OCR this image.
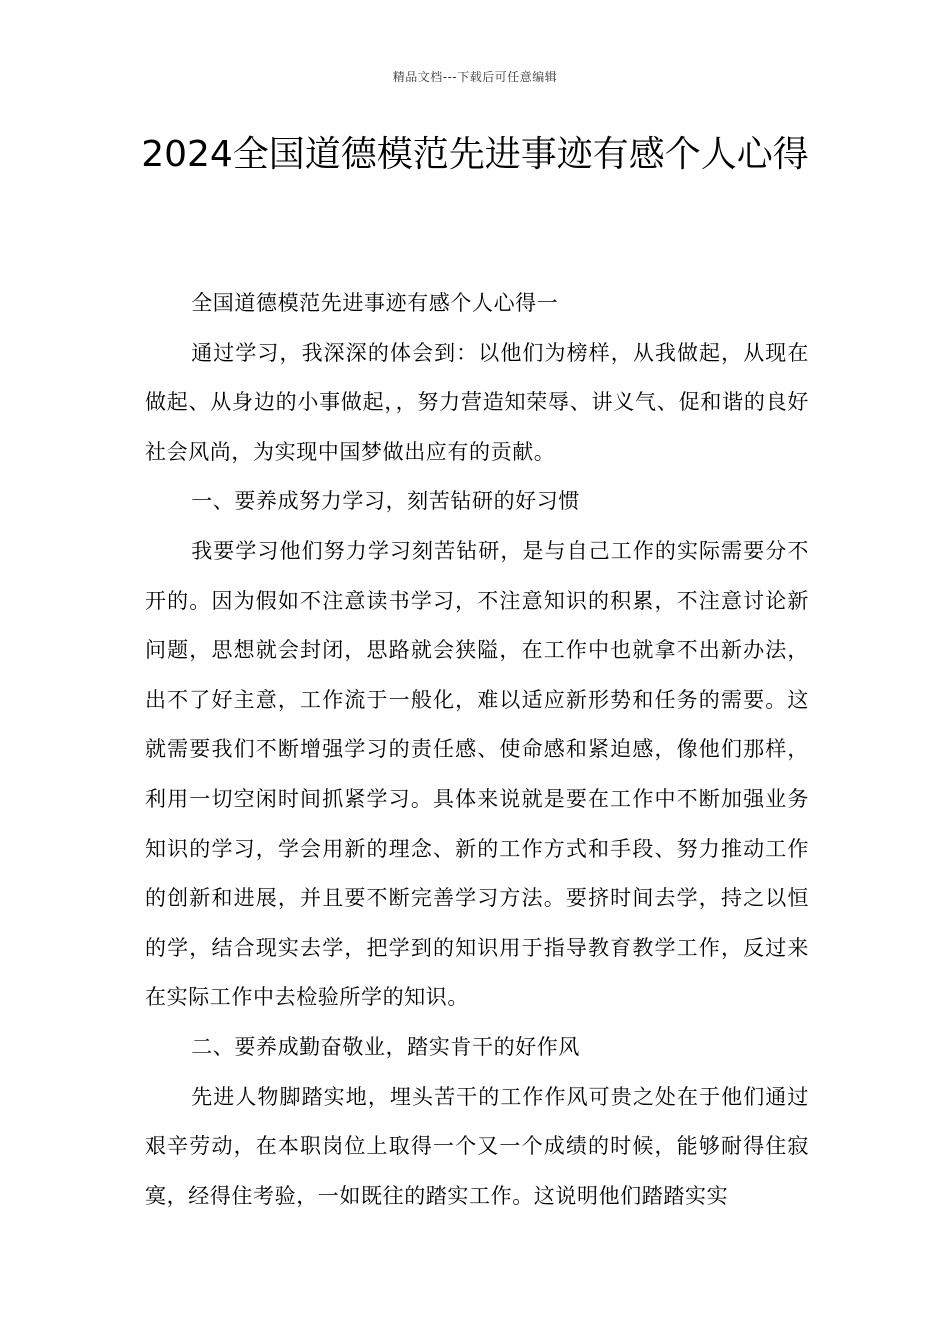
精品文档---下载后可任意编辑
2024全国道德模范先进事迹有感个人心得

全国道德模范先进事迹有感个人心得一

通过学习，我深深的体会到：以他们为榜样，从我做起，从现在做起、从身边的小事做起，，努力营造知荣辱、讲义气、促和谐的良好社会风尚，为实现中国梦做出应有的贡献。

一、要养成努力学习，刻苦钻研的好习惯

我要学习他们努力学习刻苦钻研，是与自己工作的实际需要分不开的。因为假如不注意读书学习，不注意知识的积累，不注意讨论新问题，思想就会封闭，思路就会狭隘，在工作中也就拿不出新办法，出不了好主意，工作流于一般化，难以适应新形势和任务的需要。这就需要我们不断增强学习的责任感、使命感和紧迫感，像他们那样，利用一切空闲时间抓紧学习。具体来说就是要在工作中不断加强业务知识的学习，学会用新的理念、新的工作方式和手段、努力推动工作的创新和进展，并且要不断完善学习方法。要挤时间去学，持之以恒的学，结合现实去学，把学到的知识用于指导教育教学工作，反过来在实际工作中去检验所学的知识。

二、要养成勤奋敬业，踏实肯干的好作风

先进人物脚踏实地，埋头苦干的工作作风可贵之处在于他们通过艰辛劳动，在本职岗位上取得一个又一个成绩的时候，能够耐得住寂寞，经得住考验，一如既往的踏实工作。这说明他们踏踏实实
